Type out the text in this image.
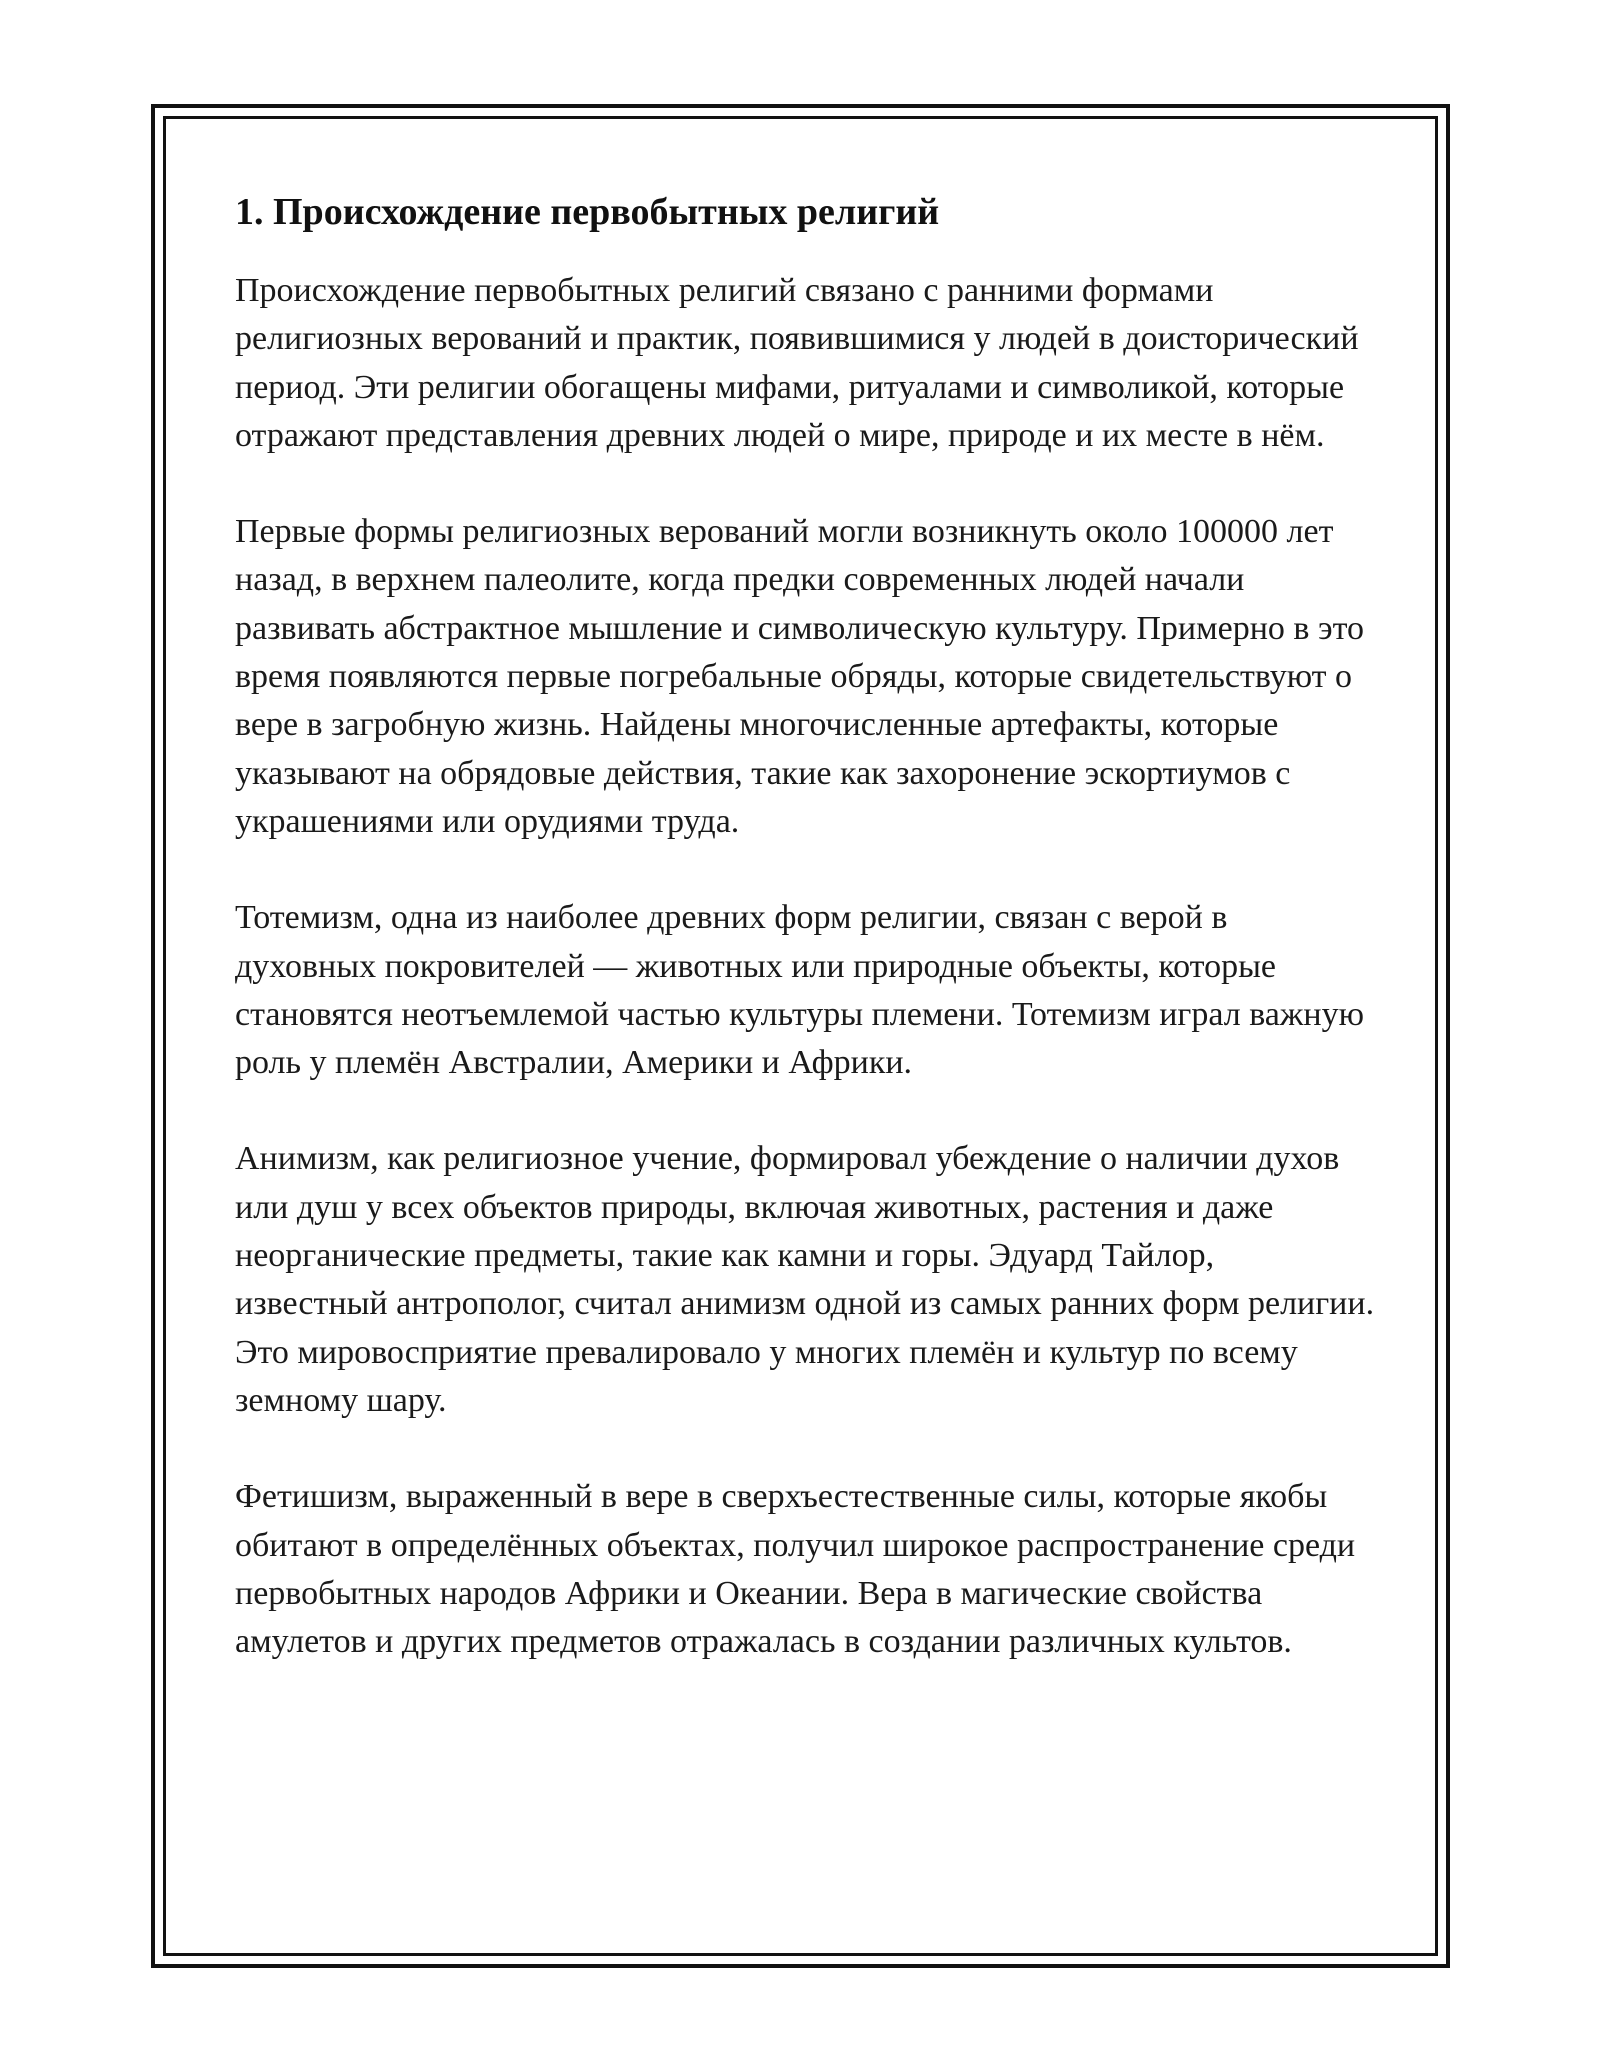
1. Происхождение первобытных религий

Происхождение первобытных религий связано с ранними формами религиозных верований и практик, появившимися у людей в доисторический период. Эти религии обогащены мифами, ритуалами и символикой, которые отражают представления древних людей о мире, природе и их месте в нём.

Первые формы религиозных верований могли возникнуть около 100000 лет назад, в верхнем палеолите, когда предки современных людей начали развивать абстрактное мышление и символическую культуру. Примерно в это время появляются первые погребальные обряды, которые свидетельствуют о вере в загробную жизнь. Найдены многочисленные артефакты, которые указывают на обрядовые действия, такие как захоронение эскортиумов с украшениями или орудиями труда.

Тотемизм, одна из наиболее древних форм религии, связан с верой в духовных покровителей — животных или природные объекты, которые становятся неотъемлемой частью культуры племени. Тотемизм играл важную роль у племён Австралии, Америки и Африки.

Анимизм, как религиозное учение, формировал убеждение о наличии духов или душ у всех объектов природы, включая животных, растения и даже неорганические предметы, такие как камни и горы. Эдуард Тайлор, известный антрополог, считал анимизм одной из самых ранних форм религии. Это мировосприятие превалировало у многих племён и культур по всему земному шару.

Фетишизм, выраженный в вере в сверхъестественные силы, которые якобы обитают в определённых объектах, получил широкое распространение среди первобытных народов Африки и Океании. Вера в магические свойства амулетов и других предметов отражалась в создании различных культов.
